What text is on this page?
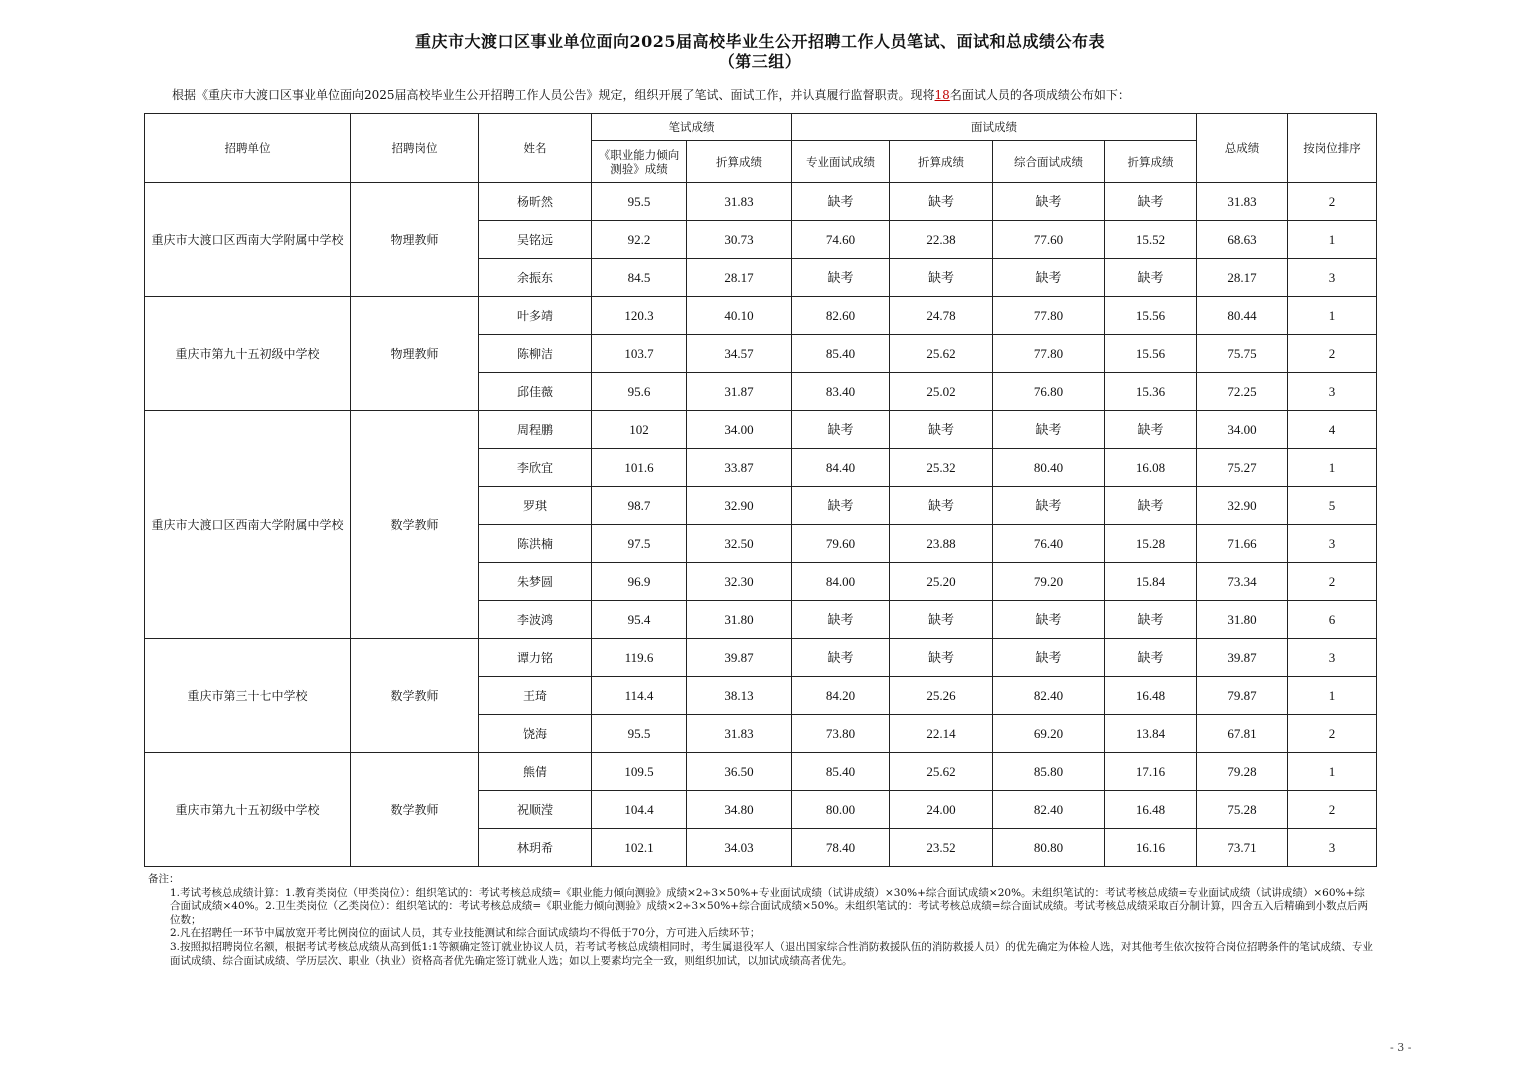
重庆市大渡口区事业单位面向2025届高校毕业生公开招聘工作人员笔试、面试和总成绩公布表
（第三组）
根据《重庆市大渡口区事业单位面向2025届高校毕业生公开招聘工作人员公告》规定，组织开展了笔试、面试工作，并认真履行监督职责。现将18名面试人员的各项成绩公布如下：
招聘单位	招聘岗位	姓名	笔试成绩		面试成绩				总成绩	按岗位排序
			《职业能力倾向测验》成绩	折算成绩	专业面试成绩	折算成绩	综合面试成绩	折算成绩		
重庆市大渡口区西南大学附属中学校	物理教师	杨昕然	95.5	31.83	缺考	缺考	缺考	缺考	31.83	2
		吴铭远	92.2	30.73	74.60	22.38	77.60	15.52	68.63	1
		余振东	84.5	28.17	缺考	缺考	缺考	缺考	28.17	3
重庆市第九十五初级中学校	物理教师	叶多靖	120.3	40.10	82.60	24.78	77.80	15.56	80.44	1
		陈柳洁	103.7	34.57	85.40	25.62	77.80	15.56	75.75	2
		邱佳薇	95.6	31.87	83.40	25.02	76.80	15.36	72.25	3
重庆市大渡口区西南大学附属中学校	数学教师	周程鹏	102	34.00	缺考	缺考	缺考	缺考	34.00	4
		李欣宜	101.6	33.87	84.40	25.32	80.40	16.08	75.27	1
		罗琪	98.7	32.90	缺考	缺考	缺考	缺考	32.90	5
		陈洪楠	97.5	32.50	79.60	23.88	76.40	15.28	71.66	3
		朱梦圆	96.9	32.30	84.00	25.20	79.20	15.84	73.34	2
		李波鸿	95.4	31.80	缺考	缺考	缺考	缺考	31.80	6
重庆市第三十七中学校	数学教师	谭力铭	119.6	39.87	缺考	缺考	缺考	缺考	39.87	3
		王琦	114.4	38.13	84.20	25.26	82.40	16.48	79.87	1
		饶海	95.5	31.83	73.80	22.14	69.20	13.84	67.81	2
重庆市第九十五初级中学校	数学教师	熊倩	109.5	36.50	85.40	25.62	85.80	17.16	79.28	1
		祝顺滢	104.4	34.80	80.00	24.00	82.40	16.48	75.28	2
		林玥希	102.1	34.03	78.40	23.52	80.80	16.16	73.71	3

备注：

1.考试考核总成绩计算：1.教育类岗位（甲类岗位）：组织笔试的：考试考核总成绩=《职业能力倾向测验》成绩×2÷3×50%+专业面试成绩（试讲成绩）×30%+综合面试成绩×20%。未组织笔试的：考试考核总成绩=专业面试成绩（试讲成绩）×60%+综合面试成绩×40%。2.卫生类岗位（乙类岗位）：组织笔试的：考试考核总成绩=《职业能力倾向测验》成绩×2÷3×50%+综合面试成绩×50%。未组织笔试的：考试考核总成绩=综合面试成绩。考试考核总成绩采取百分制计算，四舍五入后精确到小数点后两位数；

2.凡在招聘任一环节中属放宽开考比例岗位的面试人员，其专业技能测试和综合面试成绩均不得低于70分，方可进入后续环节；

3.按照拟招聘岗位名额，根据考试考核总成绩从高到低1:1等额确定签订就业协议人员，若考试考核总成绩相同时，考生属退役军人（退出国家综合性消防救援队伍的消防救援人员）的优先确定为体检人选，对其他考生依次按符合岗位招聘条件的笔试成绩、专业面试成绩、综合面试成绩、学历层次、职业（执业）资格高者优先确定签订就业人选；如以上要素均完全一致，则组织加试，以加试成绩高者优先。

- 3 -
